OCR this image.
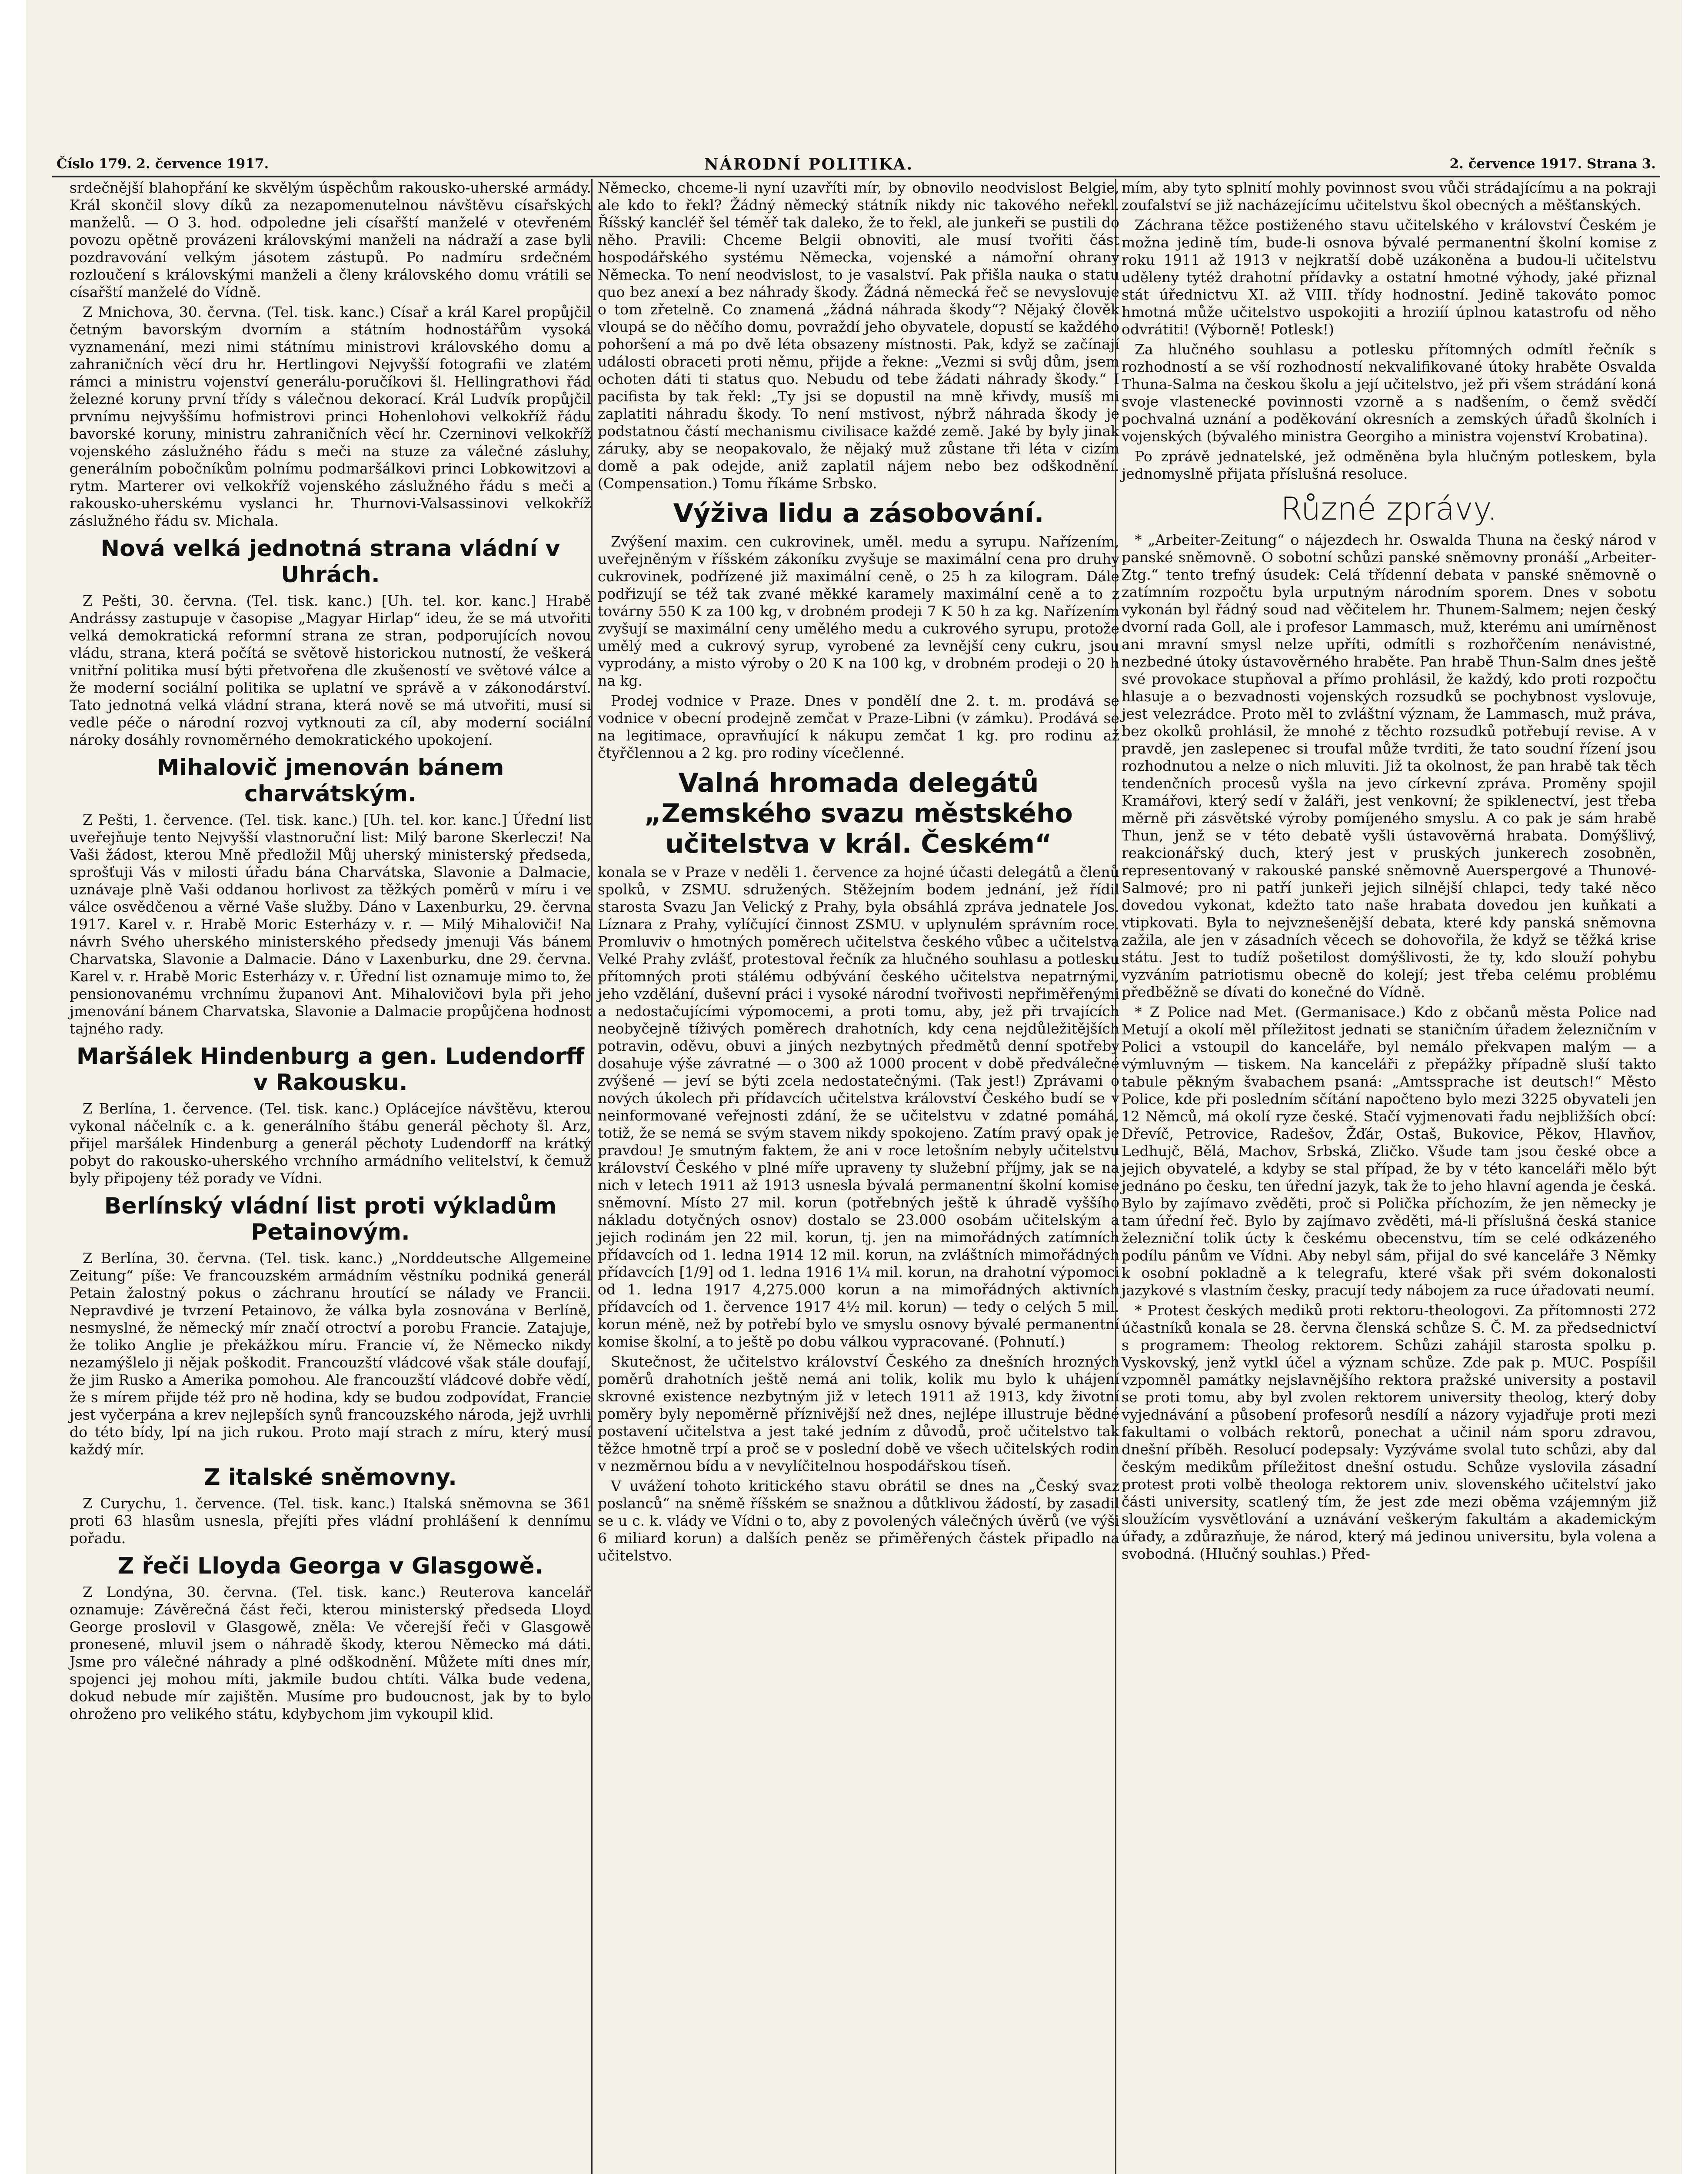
Číslo 179. 2. července 1917.	NÁRODNÍ POLITIKA.	2. července 1917. Strana 3.

srdečnější blahopřání ke skvělým úspěchům rakousko-uherské armády. Král skončil slovy díků za nezapomenutelnou návštěvu císařských manželů. — O 3. hod. odpoledne jeli císařští manželé v otevřeném povozu opětně provázeni královskými manželi na nádraží a zase byli pozdravování velkým jásotem zástupů. Po nadmíru srdečném rozloučení s královskými manželi a členy královského domu vrátili se císařští manželé do Vídně.

Z Mnichova, 30. června. (Tel. tisk. kanc.) Císař a král Karel propůjčil četným bavorským dvorním a státním hodnostářům vysoká vyznamenání, mezi nimi státnímu ministrovi královského domu a zahraničních věcí dru hr. Hertlingovi Nejvyšší fotografii ve zlatém rámci a ministru vojenství generálu-poručíkovi šl. Hellingrathovi řád železné koruny první třídy s válečnou dekorací. Král Ludvík propůjčil prvnímu nejvyššímu hofmistrovi princi Hohenlohovi velkokříž řádu bavorské koruny, ministru zahraničních věcí hr. Czerninovi velkokříž vojenského záslužného řádu s meči na stuze za válečné zásluhy, generálním pobočníkům polnímu podmaršálkovi princi Lobkowitzovi a rytm. Marterer ovi velkokříž vojenského záslužného řádu s meči a rakousko-uherskému vyslanci hr. Thurnovi-Valsassinovi velkokříž záslužného řádu sv. Michala.

Nová velká jednotná strana vládní v Uhrách.

Z Pešti, 30. června. (Tel. tisk. kanc.) [Uh. tel. kor. kanc.] Hrabě Andrássy zastupuje v časopise „Magyar Hirlap“ ideu, že se má utvořiti velká demokratická reformní strana ze stran, podporujících novou vládu, strana, která počítá se světově historickou nutností, že veškerá vnitřní politika musí býti přetvořena dle zkušeností ve světové válce a že moderní sociální politika se uplatní ve správě a v zákonodárství. Tato jednotná velká vládní strana, která nově se má utvořiti, musí si vedle péče o národní rozvoj vytknouti za cíl, aby moderní sociální nároky dosáhly rovnoměrného demokratického upokojení.

Mihalovič jmenován bánem charvátským.

Z Pešti, 1. července. (Tel. tisk. kanc.) [Uh. tel. kor. kanc.] Úřední list uveřejňuje tento Nejvyšší vlastnoruční list: Milý barone Skerleczi! Na Vaši žádost, kterou Mně předložil Můj uherský ministerský předseda, sprošťuji Vás v milosti úřadu bána Charvátska, Slavonie a Dalmacie, uznávaje plně Vaši oddanou horlivost za těžkých poměrů v míru i ve válce osvědčenou a věrné Vaše služby. Dáno v Laxenburku, 29. června 1917. Karel v. r. Hrabě Moric Esterházy v. r. — Milý Mihaloviči! Na návrh Svého uherského ministerského předsedy jmenuji Vás bánem Charvatska, Slavonie a Dalmacie. Dáno v Laxenburku, dne 29. června. Karel v. r. Hrabě Moric Esterházy v. r. Úřední list oznamuje mimo to, že pensionovanému vrchnímu županovi Ant. Mihalovičovi byla při jeho jmenování bánem Charvatska, Slavonie a Dalmacie propůjčena hodnost tajného rady.

Maršálek Hindenburg a gen. Ludendorff v Rakousku.

Z Berlína, 1. července. (Tel. tisk. kanc.) Oplácejíce návštěvu, kterou vykonal náčelník c. a k. generálního štábu generál pěchoty šl. Arz, přijel maršálek Hindenburg a generál pěchoty Ludendorff na krátký pobyt do rakousko-uherského vrchního armádního velitelství, k čemuž byly připojeny též porady ve Vídni.

Berlínský vládní list proti výkladům Petainovým.

Z Berlína, 30. června. (Tel. tisk. kanc.) „Norddeutsche Allgemeine Zeitung“ píše: Ve francouzském armádním věstníku podniká generál Petain žalostný pokus o záchranu hroutící se nálady ve Francii. Nepravdivé je tvrzení Petainovo, že válka byla zosnována v Berlíně, nesmyslné, že německý mír značí otroctví a porobu Francie. Zatajuje, že toliko Anglie je překážkou míru. Francie ví, že Německo nikdy nezamýšlelo ji nějak poškodit. Francouzští vládcové však stále doufají, že jim Rusko a Amerika pomohou. Ale francouzští vládcové dobře vědí, že s mírem přijde též pro ně hodina, kdy se budou zodpovídat, Francie jest vyčerpána a krev nejlepších synů francouzského národa, jejž uvrhli do této bídy, lpí na jich rukou. Proto mají strach z míru, který musí každý mír.

Z italské sněmovny.

Z Curychu, 1. července. (Tel. tisk. kanc.) Italská sněmovna se 361 proti 63 hlasům usnesla, přejíti přes vládní prohlášení k dennímu pořadu.

Z řeči Lloyda Georga v Glasgowě.

Z Londýna, 30. června. (Tel. tisk. kanc.) Reuterova kancelář oznamuje: Závěrečná část řeči, kterou ministerský předseda Lloyd George proslovil v Glasgowě, zněla: Ve včerejší řeči v Glasgowě pronesené, mluvil jsem o náhradě škody, kterou Německo má dáti. Jsme pro válečné náhrady a plné odškodnění. Můžete míti dnes mír, spojenci jej mohou míti, jakmile budou chtíti. Válka bude vedena, dokud nebude mír zajištěn. Musíme pro budoucnost, jak by to bylo ohroženo pro velikého státu, kdybychom jim vykoupil klid.

Německo, chceme-li nyní uzavříti mír, by obnovilo neodvislost Belgie, ale kdo to řekl? Žádný německý státník nikdy nic takového neřekl. Říšský kancléř šel téměř tak daleko, že to řekl, ale junkeři se pustili do něho. Pravili: Chceme Belgii obnoviti, ale musí tvořiti část hospodářského systému Německa, vojenské a námořní ohrany Německa. To není neodvislost, to je vasalství. Pak přišla nauka o statu quo bez anexí a bez náhrady škody. Žádná německá řeč se nevyslovuje o tom zřetelně. Co znamená „žádná náhrada škody“? Nějaký člověk vloupá se do něčího domu, povraždí jeho obyvatele, dopustí se každého pohoršení a má po dvě léta obsazeny místnosti. Pak, když se začínají události obraceti proti němu, přijde a řekne: „Vezmi si svůj dům, jsem ochoten dáti ti status quo. Nebudu od tebe žádati náhrady škody.“ I pacifista by tak řekl: „Ty jsi se dopustil na mně křivdy, musíš mi zaplatiti náhradu škody. To není mstivost, nýbrž náhrada škody je podstatnou částí mechanismu civilisace každé země. Jaké by byly jinak záruky, aby se neopakovalo, že nějaký muž zůstane tři léta v cizím domě a pak odejde, aniž zaplatil nájem nebo bez odškodnění. (Compensation.) Tomu říkáme Srbsko.

Výživa lidu a zásobování.

Zvýšení maxim. cen cukrovinek, uměl. medu a syrupu. Nařízením, uveřejněným v říšském zákoníku zvyšuje se maximální cena pro druhy cukrovinek, podřízené již maximální ceně, o 25 h za kilogram. Dále podřizují se též tak zvané měkké karamely maximální ceně a to z továrny 550 K za 100 kg, v drobném prodeji 7 K 50 h za kg. Nařízením zvyšují se maximální ceny umělého medu a cukrového syrupu, protože umělý med a cukrový syrup, vyrobené za levnější ceny cukru, jsou vyprodány, a misto výroby o 20 K na 100 kg, v drobném prodeji o 20 h na kg.

Prodej vodnice v Praze. Dnes v pondělí dne 2. t. m. prodává se vodnice v obecní prodejně zemčat v Praze-Libni (v zámku). Prodává se na legitimace, opravňující k nákupu zemčat 1 kg. pro rodinu až čtyřčlennou a 2 kg. pro rodiny vícečlenné.

Valná hromada delegátů „Zemského svazu městského učitelstva v král. Českém“

konala se v Praze v neděli 1. července za hojné účasti delegátů a členů spolků, v ZSMU. sdružených. Stěžejním bodem jednání, jež řídil starosta Svazu Jan Velický z Prahy, byla obsáhlá zpráva jednatele Jos. Líznara z Prahy, vylíčující činnost ZSMU. v uplynulém správním roce. Promluviv o hmotných poměrech učitelstva českého vůbec a učitelstva Velké Prahy zvlášť, protestoval řečník za hlučného souhlasu a potlesku přítomných proti stálému odbývání českého učitelstva nepatrnými, jeho vzdělání, duševní práci i vysoké národní tvořivosti nepřiměřenými a nedostačujícími výpomocemi, a proti tomu, aby, jež při trvajících neobyčejně tíživých poměrech drahotních, kdy cena nejdůležitějších potravin, oděvu, obuvi a jiných nezbytných předmětů denní spotřeby dosahuje výše závratné — o 300 až 1000 procent v době předválečné zvýšené — jeví se býti zcela nedostatečnými. (Tak jest!) Zprávami o nových úkolech při přídavcích učitelstva království Českého budí se v neinformované veřejnosti zdání, že se učitelstvu v zdatné pomáhá, totiž, že se nemá se svým stavem nikdy spokojeno. Zatím pravý opak je pravdou! Je smutným faktem, že ani v roce letošním nebyly učitelstvu království Českého v plné míře upraveny ty služební příjmy, jak se na nich v letech 1911 až 1913 usnesla bývalá permanentní školní komise sněmovní. Místo 27 mil. korun (potřebných ještě k úhradě vyššího nákladu dotyčných osnov) dostalo se 23.000 osobám učitelským a jejich rodinám jen 22 mil. korun, tj. jen na mimořádných zatímních přídavcích od 1. ledna 1914 12 mil. korun, na zvláštních mimořádných přídavcích [1/9] od 1. ledna 1916 1¼ mil. korun, na drahotní výpomoci od 1. ledna 1917 4,275.000 korun a na mimořádných aktivních přídavcích od 1. července 1917 4½ mil. korun) — tedy o celých 5 mil. korun méně, než by potřebí bylo ve smyslu osnovy bývalé permanentní komise školní, a to ještě po dobu válkou vypracované. (Pohnutí.)

Skutečnost, že učitelstvo království Českého za dnešních hrozných poměrů drahotních ještě nemá ani tolik, kolik mu bylo k uhájení skrovné existence nezbytným již v letech 1911 až 1913, kdy životní poměry byly nepoměrně příznivější než dnes, nejlépe illustruje bědné postavení učitelstva a jest také jedním z důvodů, proč učitelstvo tak těžce hmotně trpí a proč se v poslední době ve všech učitelských rodin v nezměrnou bídu a v nevylíčitelnou hospodářskou tíseň.

V uvážení tohoto kritického stavu obrátil se dnes na „Český svaz poslanců“ na sněmě říšském se snažnou a důtklivou žádostí, by zasadil se u c. k. vlády ve Vídni o to, aby z povolených válečných úvěrů (ve výši 6 miliard korun) a dalších peněz se přiměřených částek připadlo na učitelstvo.

mím, aby tyto splnití mohly povinnost svou vůči strádajícímu a na pokraji zoufalství se již nacházejícímu učitelstvu škol obecných a měšťanských.

Záchrana těžce postiženého stavu učitelského v království Českém je možna jedině tím, bude-li osnova bývalé permanentní školní komise z roku 1911 až 1913 v nejkratší době uzákoněna a budou-li učitelstvu uděleny tytéž drahotní přídavky a ostatní hmotné výhody, jaké přiznal stát úřednictvu XI. až VIII. třídy hodnostní. Jedině takováto pomoc hmotná může učitelstvo uspokojiti a hroziíí úplnou katastrofu od něho odvrátiti! (Výborně! Potlesk!)

Za hlučného souhlasu a potlesku přítomných odmítl řečník s rozhodností a se vší rozhodností nekvalifikované útoky hraběte Osvalda Thuna-Salma na českou školu a její učitelstvo, jež při všem strádání koná svoje vlastenecké povinnosti vzorně a s nadšením, o čemž svědčí pochvalná uznání a poděkování okresních a zemských úřadů školních i vojenských (bývalého ministra Georgiho a ministra vojenství Krobatina).

Po zprávě jednatelské, jež odměněna byla hlučným potleskem, byla jednomyslně přijata příslušná resoluce.

Různé zprávy.

* „Arbeiter-Zeitung“ o nájezdech hr. Oswalda Thuna na český národ v panské sněmovně. O sobotní schůzi panské sněmovny pronáší „Arbeiter-Ztg.“ tento trefný úsudek: Celá třídenní debata v panské sněmovně o zatímním rozpočtu byla urputným národním sporem. Dnes v sobotu vykonán byl řádný soud nad věčitelem hr. Thunem-Salmem; nejen český dvorní rada Goll, ale i profesor Lammasch, muž, kterému ani umírněnost ani mravní smysl nelze upříti, odmítli s rozhořčením nenávistné, nezbedné útoky ústavověrného hraběte. Pan hrabě Thun-Salm dnes ještě své provokace stupňoval a přímo prohlásil, že každý, kdo proti rozpočtu hlasuje a o bezvadnosti vojenských rozsudků se pochybnost vyslovuje, jest velezrádce. Proto měl to zvláštní význam, že Lammasch, muž práva, bez okolků prohlásil, že mnohé z těchto rozsudků potřebují revise. A v pravdě, jen zaslepenec si troufal může tvrditi, že tato soudní řízení jsou rozhodnutou a nelze o nich mluviti. Již ta okolnost, že pan hrabě tak těch tendenčních procesů vyšla na jevo církevní zpráva. Proměny spojil Kramářovi, který sedí v žaláři, jest venkovní; že spiklenectví, jest třeba měrně při zásvětské výroby pomíjeného smyslu. A co pak je sám hrabě Thun, jenž se v této debatě vyšli ústavověrná hrabata. Domýšlivý, reakcionářský duch, který jest v pruských junkerech zosobněn, representovaný v rakouské panské sněmovně Auerspergové a Thunové-Salmové; pro ni patří junkeři jejich silnější chlapci, tedy také něco dovedou vykonat, kdežto tato naše hrabata dovedou jen kuňkati a vtipkovati. Byla to nejvznešenější debata, které kdy panská sněmovna zažila, ale jen v zásadních věcech se dohovořila, že když se těžká krise státu. Jest to tudíž pošetilost domýšlivosti, že ty, kdo slouží pohybu vyzváním patriotismu obecně do kolejí; jest třeba celému problému předběžně se dívati do konečné do Vídně.

* Z Police nad Met. (Germanisace.) Kdo z občanů města Police nad Metují a okolí měl příležitost jednati se staničním úřadem železničním v Polici a vstoupil do kanceláře, byl nemálo překvapen malým — a výmluvným — tiskem. Na kanceláři z přepážky případně sluší takto tabule pěkným švabachem psaná: „Amtssprache ist deutsch!“ Město Police, kde při posledním sčítání napočteno bylo mezi 3225 obyvateli jen 12 Němců, má okolí ryze české. Stačí vyjmenovati řadu nejbližších obcí: Dřevíč, Petrovice, Radešov, Žďár, Ostaš, Bukovice, Pěkov, Hlavňov, Ledhujč, Bělá, Machov, Srbská, Zličko. Všude tam jsou české obce a jejich obyvatelé, a kdyby se stal případ, že by v této kanceláři mělo být jednáno po česku, ten úřední jazyk, tak že to jeho hlavní agenda je česká. Bylo by zajímavo zvěděti, proč si Polička příchozím, že jen německy je tam úřední řeč. Bylo by zajímavo zvěděti, má-li příslušná česká stanice železniční tolik úcty k českému obecenstvu, tím se celé odkázeného podílu pánům ve Vídni. Aby nebyl sám, přijal do své kanceláře 3 Němky k osobní pokladně a k telegrafu, které však při svém dokonalosti jazykové s vlastním česky, pracují tedy nábojem za ruce úřadovati neumí.

* Protest českých mediků proti rektoru-theologovi. Za přítomnosti 272 účastníků konala se 28. června členská schůze S. Č. M. za předsednictví s programem: Theolog rektorem. Schůzi zahájil starosta spolku p. Vyskovský, jenž vytkl účel a význam schůze. Zde pak p. MUC. Pospíšil vzpomněl památky nejslavnějšího rektora pražské university a postavil se proti tomu, aby byl zvolen rektorem university theolog, který doby vyjednávání a působení profesorů nesdílí a názory vyjadřuje proti mezi fakultami o volbách rektorů, ponechat a učinil nám sporu zdravou, dnešní příběh. Resolucí podepsaly: Vyzýváme svolal tuto schůzi, aby dal českým medikům příležitost dnešní ostudu. Schůze vyslovila zásadní protest proti volbě theologa rektorem univ. slovenského učitelství jako části university, scatlený tím, že jest zde mezi oběma vzájemným již sloužícím vysvětlování a uznávání veškerým fakultám a akademickým úřady, a zdůrazňuje, že národ, který má jedinou universitu, byla volena a svobodná. (Hlučný souhlas.) Před-
